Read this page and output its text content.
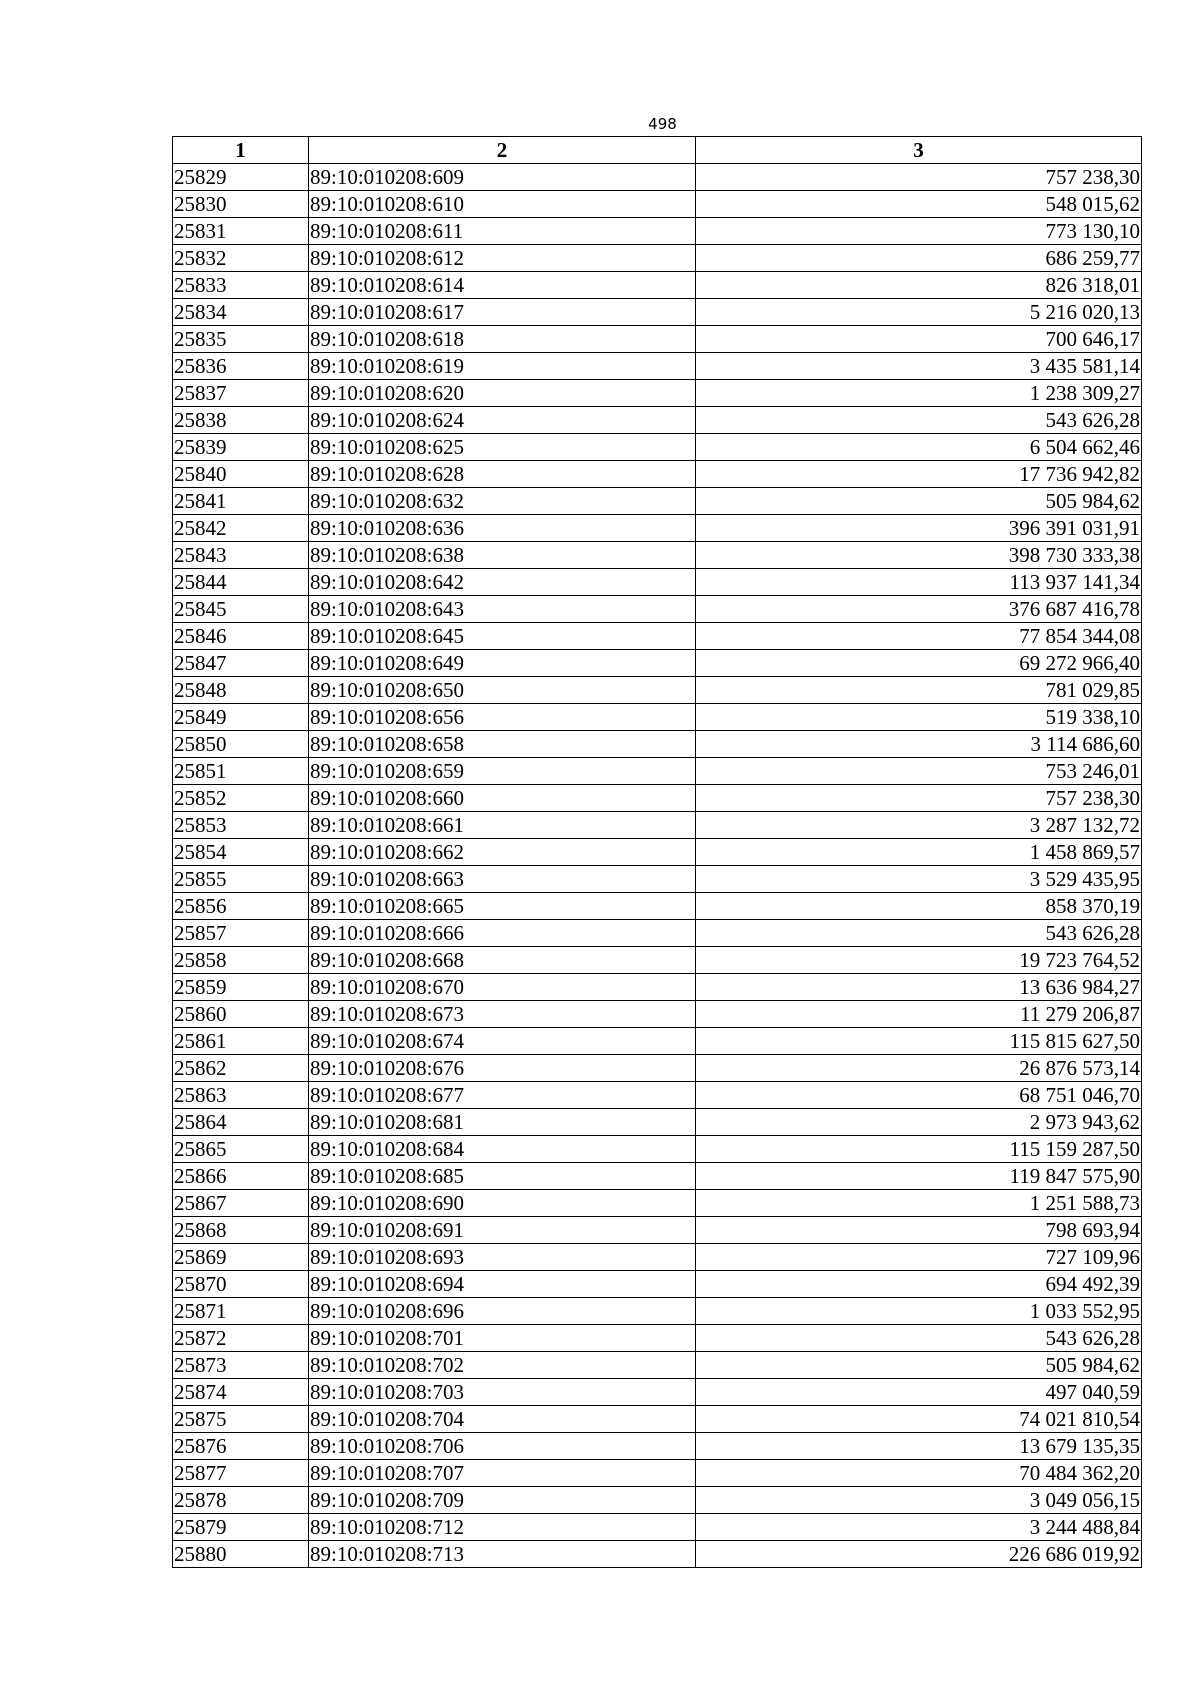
498
1	2	3
25829	89:10:010208:609	757 238,30
25830	89:10:010208:610	548 015,62
25831	89:10:010208:611	773 130,10
25832	89:10:010208:612	686 259,77
25833	89:10:010208:614	826 318,01
25834	89:10:010208:617	5 216 020,13
25835	89:10:010208:618	700 646,17
25836	89:10:010208:619	3 435 581,14
25837	89:10:010208:620	1 238 309,27
25838	89:10:010208:624	543 626,28
25839	89:10:010208:625	6 504 662,46
25840	89:10:010208:628	17 736 942,82
25841	89:10:010208:632	505 984,62
25842	89:10:010208:636	396 391 031,91
25843	89:10:010208:638	398 730 333,38
25844	89:10:010208:642	113 937 141,34
25845	89:10:010208:643	376 687 416,78
25846	89:10:010208:645	77 854 344,08
25847	89:10:010208:649	69 272 966,40
25848	89:10:010208:650	781 029,85
25849	89:10:010208:656	519 338,10
25850	89:10:010208:658	3 114 686,60
25851	89:10:010208:659	753 246,01
25852	89:10:010208:660	757 238,30
25853	89:10:010208:661	3 287 132,72
25854	89:10:010208:662	1 458 869,57
25855	89:10:010208:663	3 529 435,95
25856	89:10:010208:665	858 370,19
25857	89:10:010208:666	543 626,28
25858	89:10:010208:668	19 723 764,52
25859	89:10:010208:670	13 636 984,27
25860	89:10:010208:673	11 279 206,87
25861	89:10:010208:674	115 815 627,50
25862	89:10:010208:676	26 876 573,14
25863	89:10:010208:677	68 751 046,70
25864	89:10:010208:681	2 973 943,62
25865	89:10:010208:684	115 159 287,50
25866	89:10:010208:685	119 847 575,90
25867	89:10:010208:690	1 251 588,73
25868	89:10:010208:691	798 693,94
25869	89:10:010208:693	727 109,96
25870	89:10:010208:694	694 492,39
25871	89:10:010208:696	1 033 552,95
25872	89:10:010208:701	543 626,28
25873	89:10:010208:702	505 984,62
25874	89:10:010208:703	497 040,59
25875	89:10:010208:704	74 021 810,54
25876	89:10:010208:706	13 679 135,35
25877	89:10:010208:707	70 484 362,20
25878	89:10:010208:709	3 049 056,15
25879	89:10:010208:712	3 244 488,84
25880	89:10:010208:713	226 686 019,92
